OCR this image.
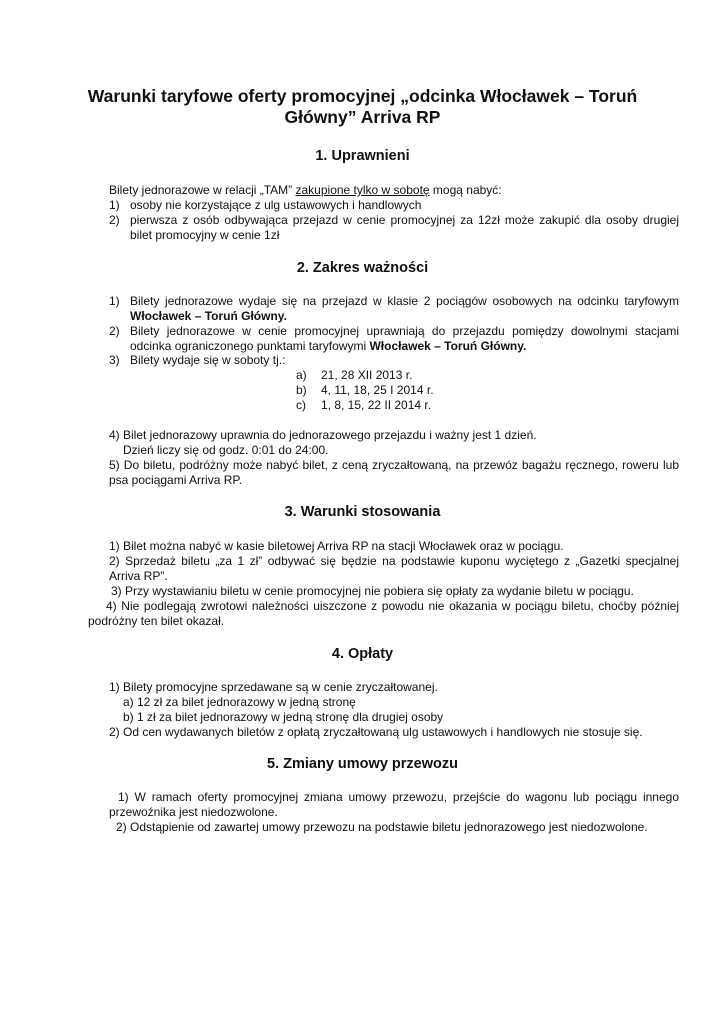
Warunki taryfowe oferty promocyjnej „odcinka Włocławek – Toruń
Główny” Arriva RP
1. Uprawnieni
Bilety jednorazowe w relacji „TAM” zakupione tylko w sobotę mogą nabyć:
1) osoby nie korzystające z ulg ustawowych i handlowych
2) pierwsza z osób odbywająca przejazd w cenie promocyjnej za 12zł może zakupić dla osoby drugiej
bilet promocyjny w cenie 1zł
2. Zakres ważności
1) Bilety jednorazowe wydaje się na przejazd w klasie 2 pociągów osobowych na odcinku taryfowym
Włocławek – Toruń Główny.
2) Bilety jednorazowe w cenie promocyjnej uprawniają do przejazdu pomiędzy dowolnymi stacjami
odcinka ograniczonego punktami taryfowymi Włocławek – Toruń Główny.
3) Bilety wydaje się w soboty tj.:
a) 21, 28 XII 2013 r.
b) 4, 11, 18, 25 I 2014 r.
c) 1, 8, 15, 22 II 2014 r.
4) Bilet jednorazowy uprawnia do jednorazowego przejazdu i ważny jest 1 dzień.
Dzień liczy się od godz. 0:01 do 24:00.
5) Do biletu, podróżny może nabyć bilet, z ceną zryczałtowaną, na przewóz bagażu ręcznego, roweru lub
psa pociągami Arriva RP.
3. Warunki stosowania
1) Bilet można nabyć w kasie biletowej Arriva RP na stacji Włocławek oraz w pociągu.
2) Sprzedaż biletu „za 1 zł” odbywać się będzie na podstawie kuponu wyciętego z „Gazetki specjalnej
Arriva RP”.
3) Przy wystawianiu biletu w cenie promocyjnej nie pobiera się opłaty za wydanie biletu w pociągu.
4) Nie podlegają zwrotowi należności uiszczone z powodu nie okazania w pociągu biletu, choćby później
podróżny ten bilet okazał.
4. Opłaty
1) Bilety promocyjne sprzedawane są w cenie zryczałtowanej.
a) 12 zł za bilet jednorazowy w jedną stronę
b) 1 zł za bilet jednorazowy w jedną stronę dla drugiej osoby
2) Od cen wydawanych biletów z opłatą zryczałtowaną ulg ustawowych i handlowych nie stosuje się.
5. Zmiany umowy przewozu
1) W ramach oferty promocyjnej zmiana umowy przewozu, przejście do wagonu lub pociągu innego
przewoźnika jest niedozwolone.
2) Odstąpienie od zawartej umowy przewozu na podstawie biletu jednorazowego jest niedozwolone.
